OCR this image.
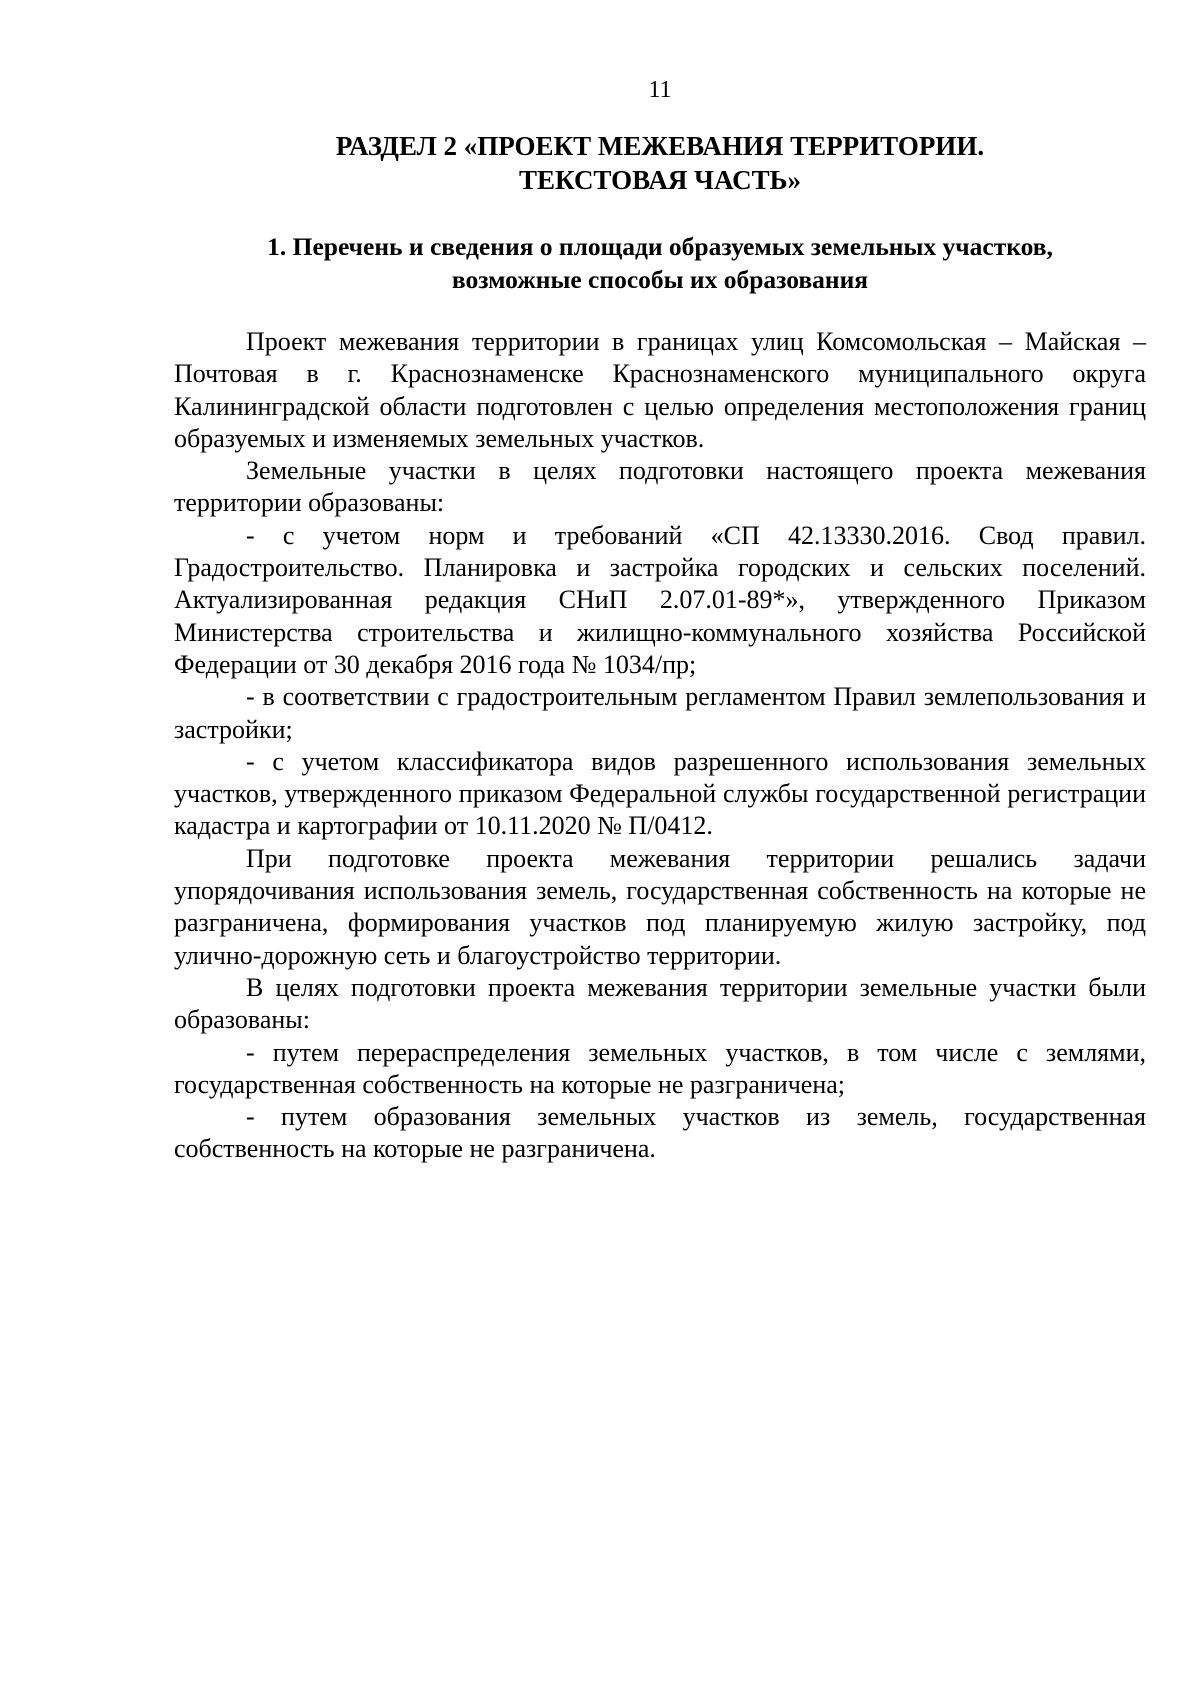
11
РАЗДЕЛ 2 «ПРОЕКТ МЕЖЕВАНИЯ ТЕРРИТОРИИ.
ТЕКСТОВАЯ ЧАСТЬ»
1. Перечень и сведения о площади образуемых земельных участков,
возможные способы их образования

Проект межевания территории в границах улиц Комсомольская – Майская – Почтовая в г. Краснознаменске Краснознаменского муниципального округа Калининградской области подготовлен с целью определения местоположения границ образуемых и изменяемых земельных участков.

Земельные участки в целях подготовки настоящего проекта межевания территории образованы:

- с учетом норм и требований «СП 42.13330.2016. Свод правил. Градостроительство. Планировка и застройка городских и сельских поселений. Актуализированная редакция СНиП 2.07.01-89*», утвержденного Приказом Министерства строительства и жилищно-коммунального хозяйства Российской Федерации от 30 декабря 2016 года № 1034/пр;

- в соответствии с градостроительным регламентом Правил землепользования и застройки;

- с учетом классификатора видов разрешенного использования земельных участков, утвержденного приказом Федеральной службы государственной регистрации кадастра и картографии от 10.11.2020 № П/0412.

При подготовке проекта межевания территории решались задачи упорядочивания использования земель, государственная собственность на которые не разграничена, формирования участков под планируемую жилую застройку, под улично-дорожную сеть и благоустройство территории.

В целях подготовки проекта межевания территории земельные участки были образованы:

- путем перераспределения земельных участков, в том числе с землями, государственная собственность на которые не разграничена;

- путем образования земельных участков из земель, государственная собственность на которые не разграничена.
